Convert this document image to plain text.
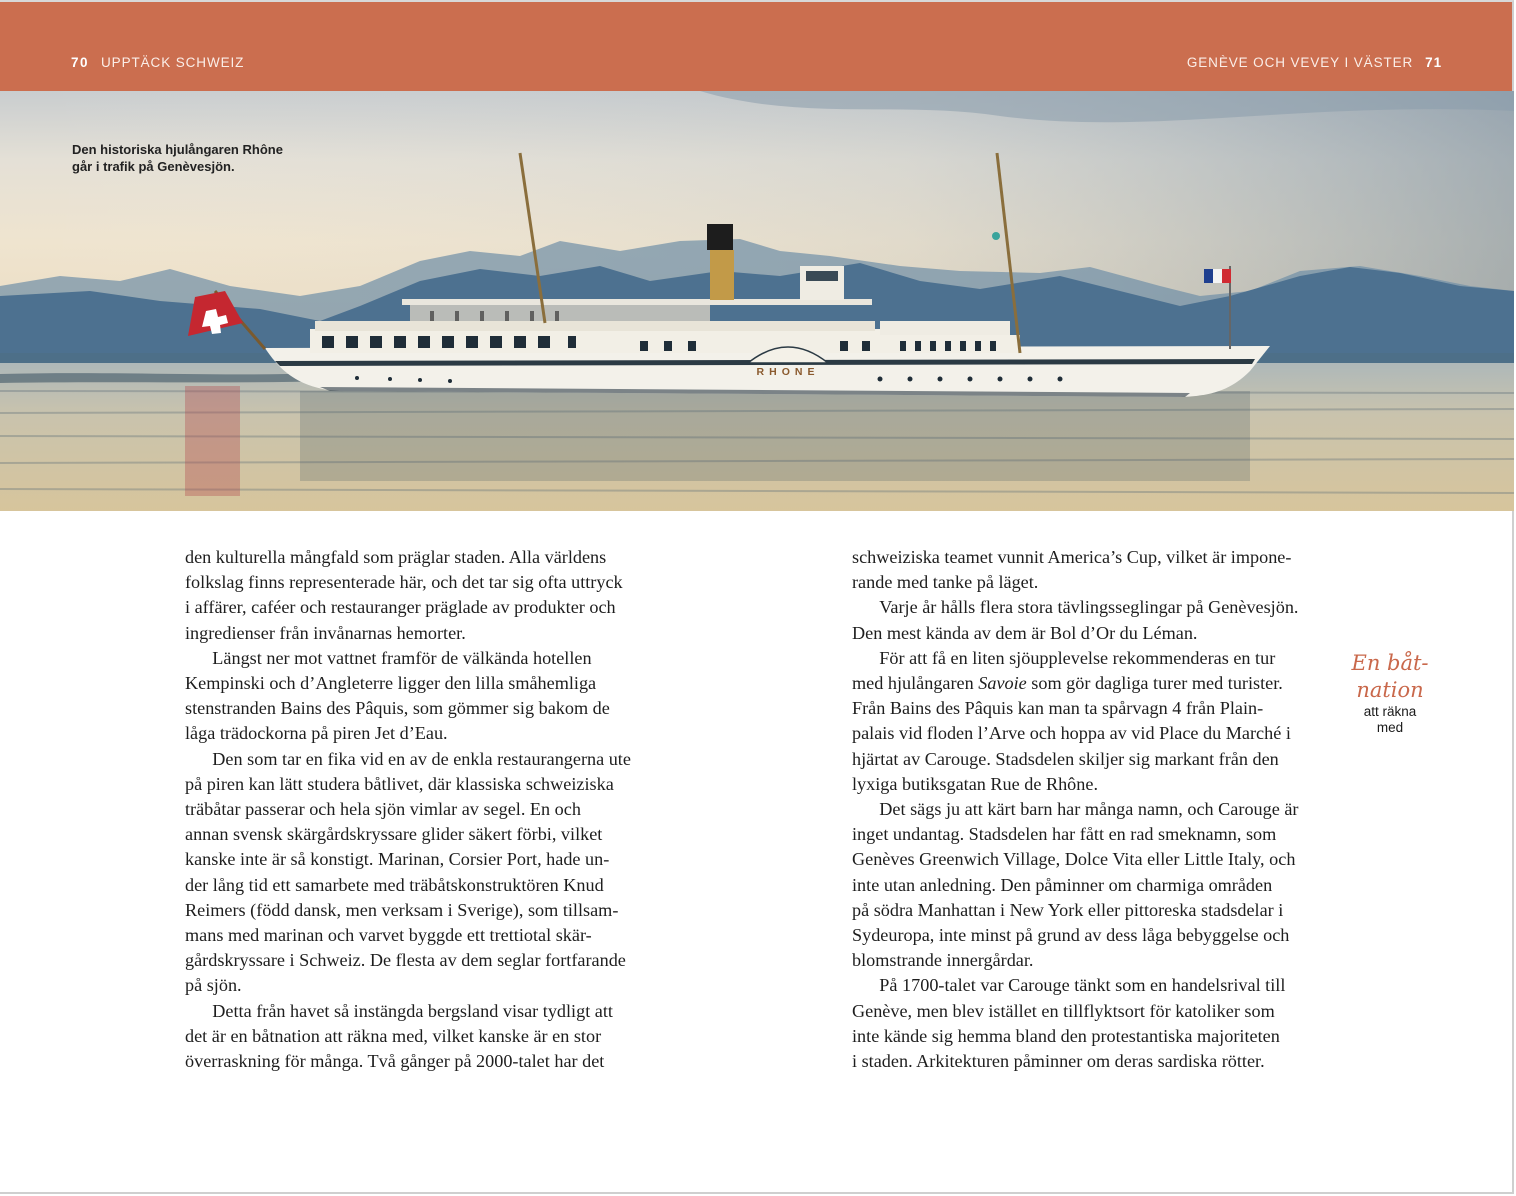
70 UPPTÄCK SCHWEIZ	GENÈVE OCH VEVEY I VÄSTER 71
RHONE
Den historiska hjulångaren Rhône
går i trafik på Genèvesjön.
den kulturella mångfald som präglar staden. Alla världens
folkslag finns representerade här, och det tar sig ofta uttryck
i affärer, caféer och restauranger präglade av produkter och
ingredienser från invånarnas hemorter.
Längst ner mot vattnet framför de välkända hotellen
Kempinski och d’Angleterre ligger den lilla småhemliga
stenstranden Bains des Pâquis, som gömmer sig bakom de
låga trädockorna på piren Jet d’Eau.
Den som tar en fika vid en av de enkla restaurangerna ute
på piren kan lätt studera båtlivet, där klassiska schweiziska
träbåtar passerar och hela sjön vimlar av segel. En och
annan svensk skärgårdskryssare glider säkert förbi, vilket
kanske inte är så konstigt. Marinan, Corsier Port, hade un-
der lång tid ett samarbete med träbåtskonstruktören Knud
Reimers (född dansk, men verksam i Sverige), som tillsam-
mans med marinan och varvet byggde ett trettiotal skär-
gårdskryssare i Schweiz. De flesta av dem seglar fortfarande
på sjön.
Detta från havet så instängda bergsland visar tydligt att
det är en båtnation att räkna med, vilket kanske är en stor
överraskning för många. Två gånger på 2000-talet har det
schweiziska teamet vunnit America’s Cup, vilket är impone-
rande med tanke på läget.
Varje år hålls flera stora tävlingsseglingar på Genèvesjön.
Den mest kända av dem är Bol d’Or du Léman.
För att få en liten sjöupplevelse rekommenderas en tur
med hjulångaren Savoie som gör dagliga turer med turister.
Från Bains des Pâquis kan man ta spårvagn 4 från Plain-
palais vid floden l’Arve och hoppa av vid Place du Marché i
hjärtat av Carouge. Stadsdelen skiljer sig markant från den
lyxiga butiksgatan Rue de Rhône.
Det sägs ju att kärt barn har många namn, och Carouge är
inget undantag. Stadsdelen har fått en rad smeknamn, som
Genèves Greenwich Village, Dolce Vita eller Little Italy, och
inte utan anledning. Den påminner om charmiga områden
på södra Manhattan i New York eller pittoreska stadsdelar i
Sydeuropa, inte minst på grund av dess låga bebyggelse och
blomstrande innergårdar.
På 1700-talet var Carouge tänkt som en handelsrival till
Genève, men blev istället en tillflyktsort för katoliker som
inte kände sig hemma bland den protestantiska majoriteten
i staden. Arkitekturen påminner om deras sardiska rötter.
En båt-
nation
att räkna
med
